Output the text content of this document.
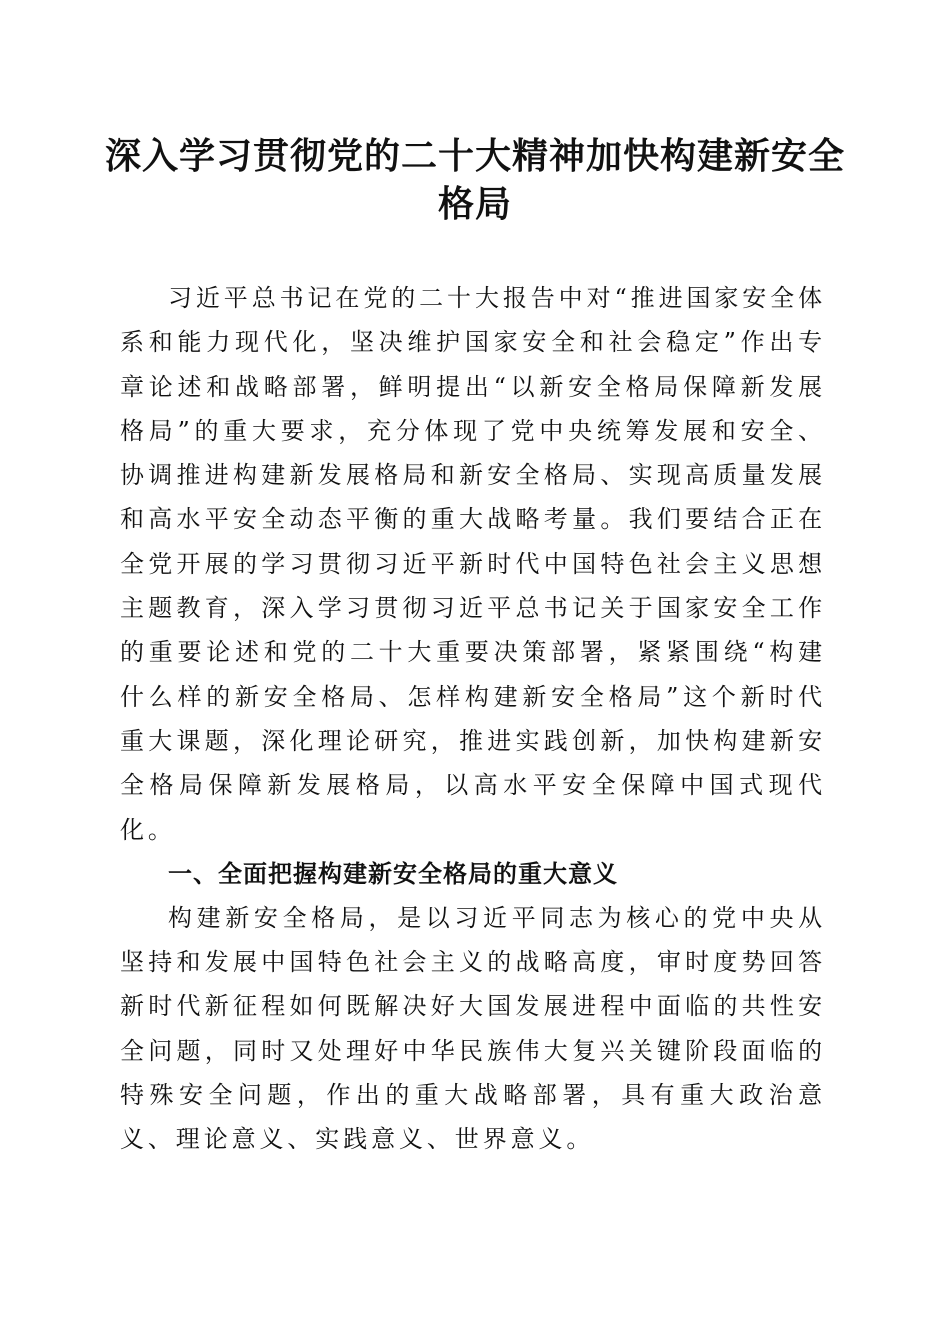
深入学习贯彻党的二十大精神加快构建新安全格局

习近平总书记在党的二十大报告中对“推进国家安全体系和能力现代化，坚决维护国家安全和社会稳定”作出专章论述和战略部署，鲜明提出“以新安全格局保障新发展格局”的重大要求，充分体现了党中央统筹发展和安全、协调推进构建新发展格局和新安全格局、实现高质量发展和高水平安全动态平衡的重大战略考量。我们要结合正在全党开展的学习贯彻习近平新时代中国特色社会主义思想主题教育，深入学习贯彻习近平总书记关于国家安全工作的重要论述和党的二十大重要决策部署，紧紧围绕“构建什么样的新安全格局、怎样构建新安全格局”这个新时代重大课题，深化理论研究，推进实践创新，加快构建新安全格局保障新发展格局，以高水平安全保障中国式现代化。

一、全面把握构建新安全格局的重大意义

构建新安全格局，是以习近平同志为核心的党中央从坚持和发展中国特色社会主义的战略高度，审时度势回答新时代新征程如何既解决好大国发展进程中面临的共性安全问题，同时又处理好中华民族伟大复兴关键阶段面临的特殊安全问题，作出的重大战略部署，具有重大政治意义、理论意义、实践意义、世界意义。
